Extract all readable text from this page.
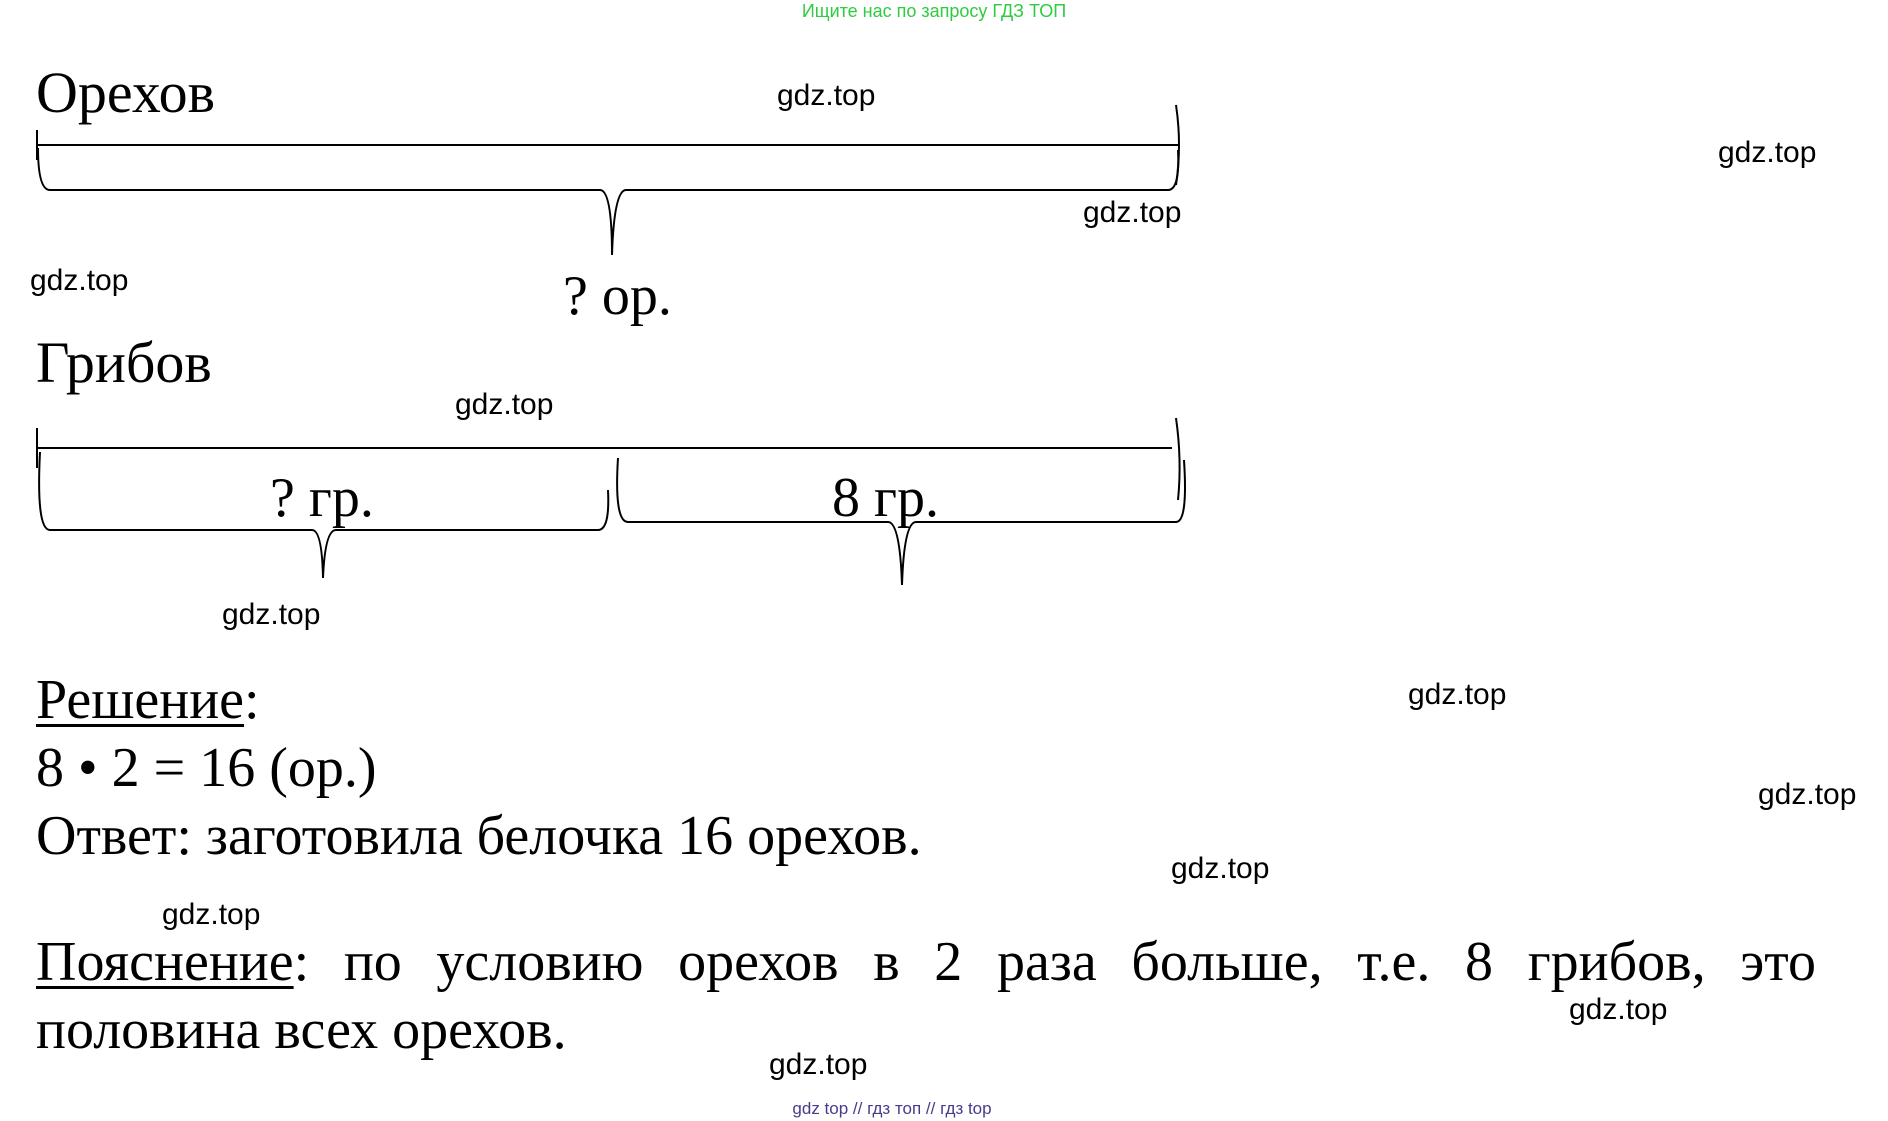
Ищите нас по запросу ГДЗ ТОП
Орехов
? ор.
Грибов
? гр.	8 гр.
Решение:
8 • 2 = 16 (ор.)
Ответ: заготовила белочка 16 орехов.
Пояснение: по условию орехов в 2 раза больше, т.е. 8 грибов, это половина всех орехов.
gdz.top
gdz.top
gdz.top
gdz.top
gdz.top
gdz.top
gdz.top
gdz.top
gdz.top
gdz.top
gdz.top
gdz.top
gdz top // гдз топ // гдз top
